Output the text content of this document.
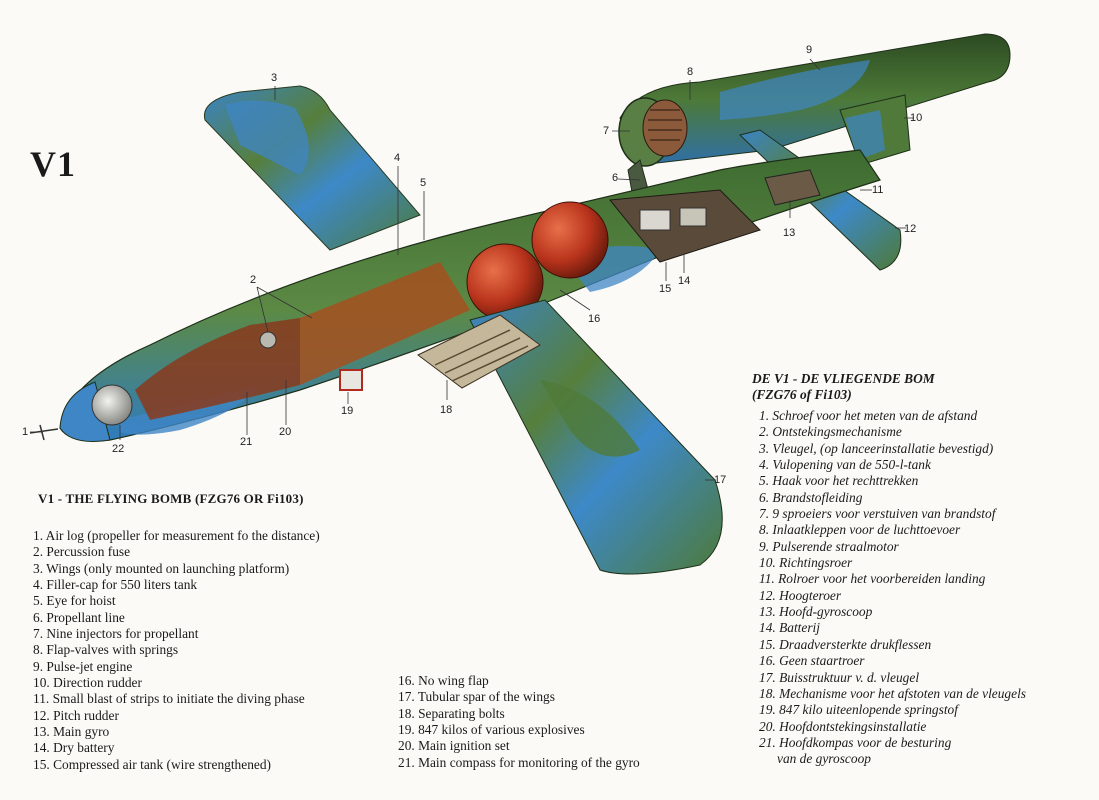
V1
1
2
3
4
5	6
7
8
9
10
11
12
13
14
15
16
17
18
19
20
21
22
V1 - THE FLYING BOMB (FZG76 OR Fi103)
1. Air log (propeller for measurement fo the distance)
2. Percussion fuse
3. Wings (only mounted on launching platform)
4. Filler-cap for 550 liters tank
5. Eye for hoist
6. Propellant line
7. Nine injectors for propellant
8. Flap-valves with springs
9. Pulse-jet engine
10. Direction rudder
11. Small blast of strips to initiate the diving phase
12. Pitch rudder
13. Main gyro
14. Dry battery
15. Compressed air tank (wire strengthened)
16. No wing flap
17. Tubular spar of the wings
18. Separating bolts
19. 847 kilos of various explosives
20. Main ignition set
21. Main compass for monitoring of the gyro
DE V1 - DE VLIEGENDE BOM
(FZG76 of Fi103)
1. Schroef voor het meten van de afstand
2. Ontstekingsmechanisme
3. Vleugel, (op lanceerinstallatie bevestigd)
4. Vulopening van de 550-l-tank
5. Haak voor het rechttrekken
6. Brandstofleiding
7. 9 sproeiers voor verstuiven van brandstof
8. Inlaatkleppen voor de luchttoevoer
9. Pulserende straalmotor
10. Richtingsroer
11. Rolroer voor het voorbereiden landing
12. Hoogteroer
13. Hoofd-gyroscoop
14. Batterij
15. Draadversterkte drukflessen
16. Geen staartroer
17. Buisstruktuur v. d. vleugel
18. Mechanisme voor het afstoten van de vleugels
19. 847 kilo uiteenlopende springstof
20. Hoofdontstekingsinstallatie
21. Hoofdkompas voor de besturing
van de gyroscoop
